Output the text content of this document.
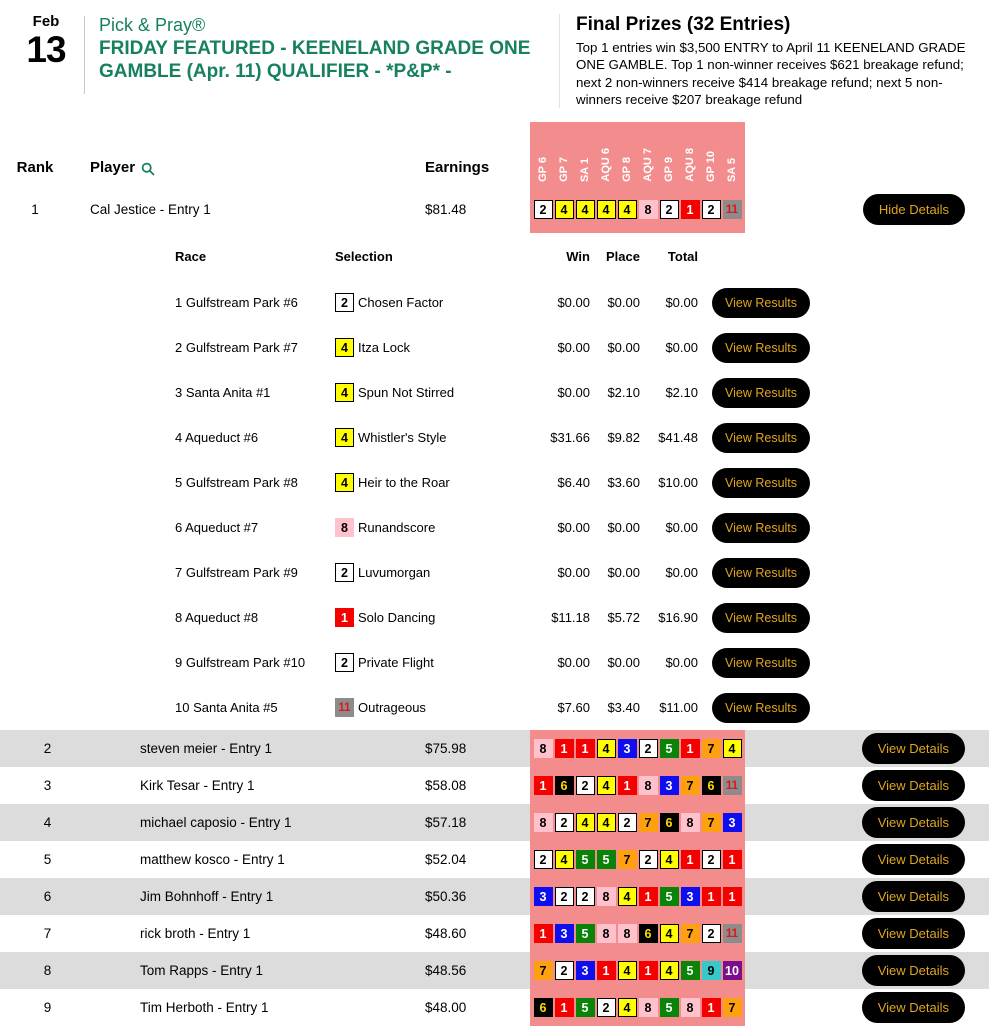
Feb
13
Pick & Pray®
FRIDAY FEATURED - KEENELAND GRADE ONE GAMBLE (Apr. 11) QUALIFIER - *P&P* -
Final Prizes (32 Entries)

Top 1 entries win $3,500 ENTRY to April 11 KEENELAND GRADE ONE GAMBLE. Top 1 non-winner receives $621 breakage refund; next 2 non-winners receive $414 breakage refund; next 5 non-winners receive $207 breakage refund

Rank	Player	Earnings	GP 6 GP 7 SA 1 AQU 6 GP 8 AQU 7 GP 9 AQU 8 GP 10 SA 5
1	Cal Jestice - Entry 1	$81.48	2	4	4	4	4	8	2	1	2 11	Hide Details
Race	Selection	Win	Place	Total
1 Gulfstream Park #6	2 Chosen Factor	$0.00	$0.00	$0.00	View Results
2 Gulfstream Park #7	4 Itza Lock	$0.00	$0.00	$0.00	View Results
3 Santa Anita #1	4 Spun Not Stirred	$0.00	$2.10	$2.10	View Results
4 Aqueduct #6	4 Whistler's Style	$31.66	$9.82	$41.48	View Results
5 Gulfstream Park #8	4 Heir to the Roar	$6.40	$3.60	$10.00	View Results
6 Aqueduct #7	8 Runandscore	$0.00	$0.00	$0.00	View Results
7 Gulfstream Park #9	2 Luvumorgan	$0.00	$0.00	$0.00	View Results
8 Aqueduct #8	1 Solo Dancing	$11.18	$5.72	$16.90	View Results
9 Gulfstream Park #10	2 Private Flight	$0.00	$0.00	$0.00	View Results
10 Santa Anita #5	11 Outrageous	$7.60	$3.40	$11.00	View Results
2	steven meier - Entry 1	$75.98	8	1	1	4	3	2	5	1	7	4	View Details
3	Kirk Tesar - Entry 1	$58.08	1	6	2	4	1	8	3	7	6 11	View Details
4	michael caposio - Entry 1	$57.18	8	2	4	4	2	7	6	8	7	3	View Details
5	matthew kosco - Entry 1	$52.04	2	4	5	5	7	2	4	1	2	1	View Details
6	Jim Bohnhoff - Entry 1	$50.36	3	2	2	8	4	1	5	3	1	1	View Details
7	rick broth - Entry 1	$48.60	1	3	5	8	8	6	4	7	2 11	View Details
8	Tom Rapps - Entry 1	$48.56	7	2	3	1	4	1	4	5	9 10	View Details
9	Tim Herboth - Entry 1	$48.00	6	1	5	2	4	8	5	8	1	7	View Details
